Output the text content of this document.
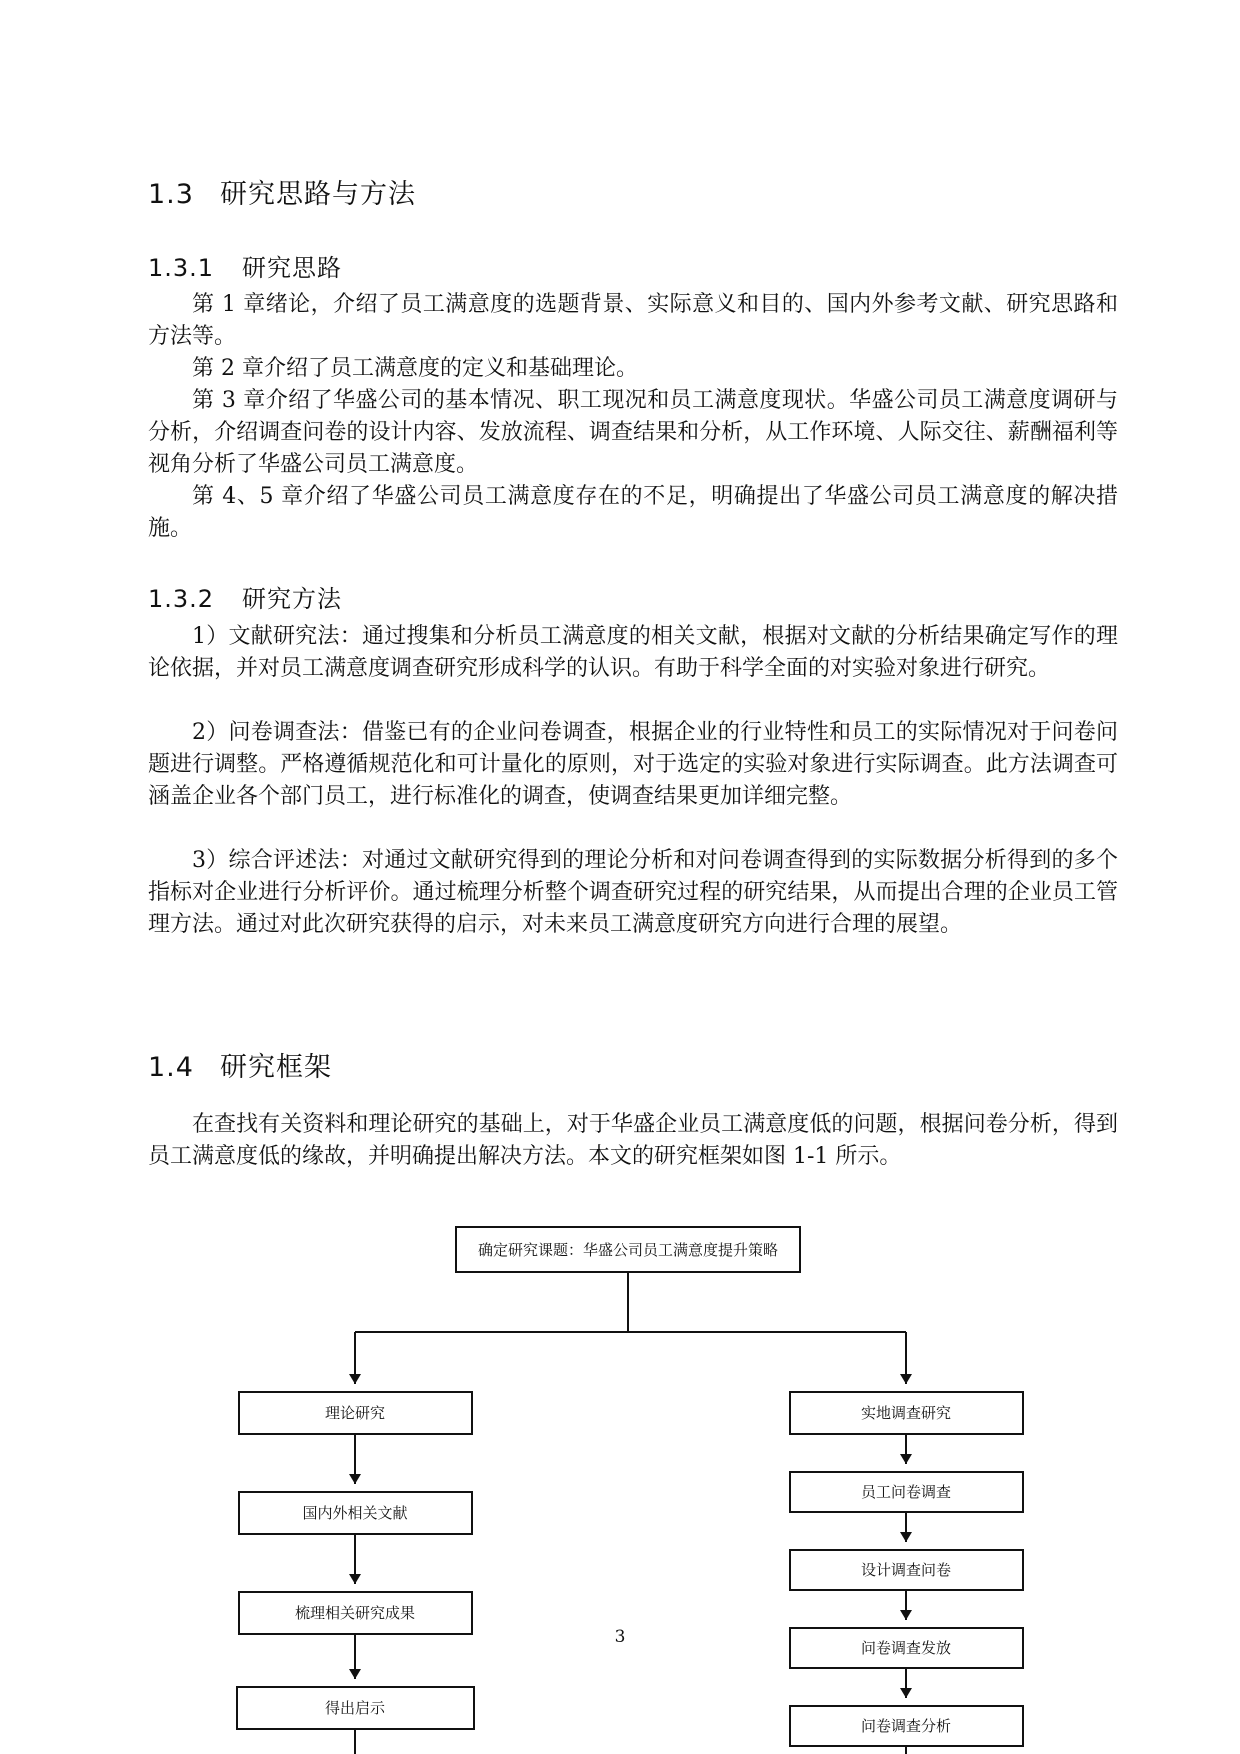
1.3 研究思路与方法
1.3.1 研究思路

第 1 章绪论，介绍了员工满意度的选题背景、实际意义和目的、国内外参考文献、研究思路和方法等。

第 2 章介绍了员工满意度的定义和基础理论。

第 3 章介绍了华盛公司的基本情况、职工现况和员工满意度现状。华盛公司员工满意度调研与分析，介绍调查问卷的设计内容、发放流程、调查结果和分析，从工作环境、人际交往、薪酬福利等视角分析了华盛公司员工满意度。

第 4、5 章介绍了华盛公司员工满意度存在的不足，明确提出了华盛公司员工满意度的解决措施。

1.3.2 研究方法

1）文献研究法：通过搜集和分析员工满意度的相关文献，根据对文献的分析结果确定写作的理论依据，并对员工满意度调查研究形成科学的认识。有助于科学全面的对实验对象进行研究。

2）问卷调查法：借鉴已有的企业问卷调查，根据企业的行业特性和员工的实际情况对于问卷问题进行调整。严格遵循规范化和可计量化的原则，对于选定的实验对象进行实际调查。此方法调查可涵盖企业各个部门员工，进行标准化的调查，使调查结果更加详细完整。

3）综合评述法：对通过文献研究得到的理论分析和对问卷调查得到的实际数据分析得到的多个指标对企业进行分析评价。通过梳理分析整个调查研究过程的研究结果，从而提出合理的企业员工管理方法。通过对此次研究获得的启示，对未来员工满意度研究方向进行合理的展望。

1.4 研究框架

在查找有关资料和理论研究的基础上，对于华盛企业员工满意度低的问题，根据问卷分析，得到员工满意度低的缘故，并明确提出解决方法。本文的研究框架如图 1-1 所示。

确定研究课题：华盛公司员工满意度提升策略
理论研究
国内外相关文献
梳理相关研究成果
得出启示
实地调查研究
员工问卷调查
设计调查问卷
问卷调查发放
问卷调查分析

3
